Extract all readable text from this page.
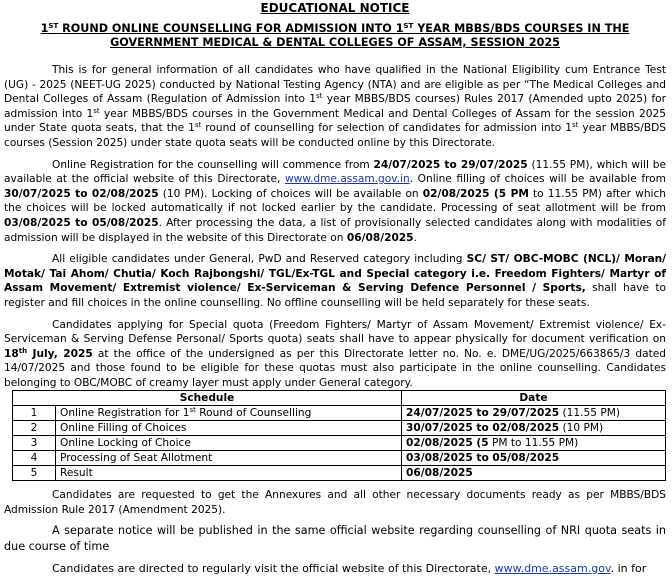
EDUCATIONAL NOTICE
1ST ROUND ONLINE COUNSELLING FOR ADMISSION INTO 1ST YEAR MBBS/BDS COURSES IN THE GOVERNMENT MEDICAL & DENTAL COLLEGES OF ASSAM, SESSION 2025

This is for general information of all candidates who have qualified in the National Eligibility cum Entrance Test (UG) - 2025 (NEET-UG 2025) conducted by National Testing Agency (NTA) and are eligible as per “The Medical Colleges and Dental Colleges of Assam (Regulation of Admission into 1st year MBBS/BDS courses) Rules 2017 (Amended upto 2025) for admission into 1st year MBBS/BDS courses in the Government Medical and Dental Colleges of Assam for the session 2025 under State quota seats, that the 1st round of counselling for selection of candidates for admission into 1st year MBBS/BDS courses (Session 2025) under state quota seats will be conducted online by this Directorate.

Online Registration for the counselling will commence from 24/07/2025 to 29/07/2025 (11.55 PM), which will be available at the official website of this Directorate, www.dme.assam.gov.in. Online filling of choices will be available from 30/07/2025 to 02/08/2025 (10 PM). Locking of choices will be available on 02/08/2025 (5 PM to 11.55 PM) after which the choices will be locked automatically if not locked earlier by the candidate. Processing of seat allotment will be from 03/08/2025 to 05/08/2025. After processing the data, a list of provisionally selected candidates along with modalities of admission will be displayed in the website of this Directorate on 06/08/2025.

All eligible candidates under General, PwD and Reserved category including SC/ ST/ OBC-MOBC (NCL)/ Moran/ Motak/ Tai Ahom/ Chutia/ Koch Rajbongshi/ TGL/Ex-TGL and Special category i.e. Freedom Fighters/ Martyr of Assam Movement/ Extremist violence/ Ex-Serviceman & Serving Defence Personnel / Sports, shall have to register and fill choices in the online counselling. No offline counselling will be held separately for these seats.

Candidates applying for Special quota (Freedom Fighters/ Martyr of Assam Movement/ Extremist violence/ Ex-Serviceman & Serving Defense Personal/ Sports quota) seats shall have to appear physically for document verification on 18th July, 2025 at the office of the undersigned as per this Directorate letter no. No. e. DME/UG/2025/663865/3 dated 14/07/2025 and those found to be eligible for these quotas must also participate in the online counselling. Candidates belonging to OBC/MOBC of creamy layer must apply under General category.

Schedule		Date
1	Online Registration for 1st Round of Counselling	24/07/2025 to 29/07/2025 (11.55 PM)
2	Online Filling of Choices	30/07/2025 to 02/08/2025 (10 PM)
3	Online Locking of Choice	02/08/2025 (5 PM to 11.55 PM)
4	Processing of Seat Allotment	03/08/2025 to 05/08/2025
5	Result	06/08/2025

Candidates are requested to get the Annexures and all other necessary documents ready as per MBBS/BDS Admission Rule 2017 (Amendment 2025).

A separate notice will be published in the same official website regarding counselling of NRI quota seats in due course of time

Candidates are directed to regularly visit the official website of this Directorate, www.dme.assam.gov. in for
